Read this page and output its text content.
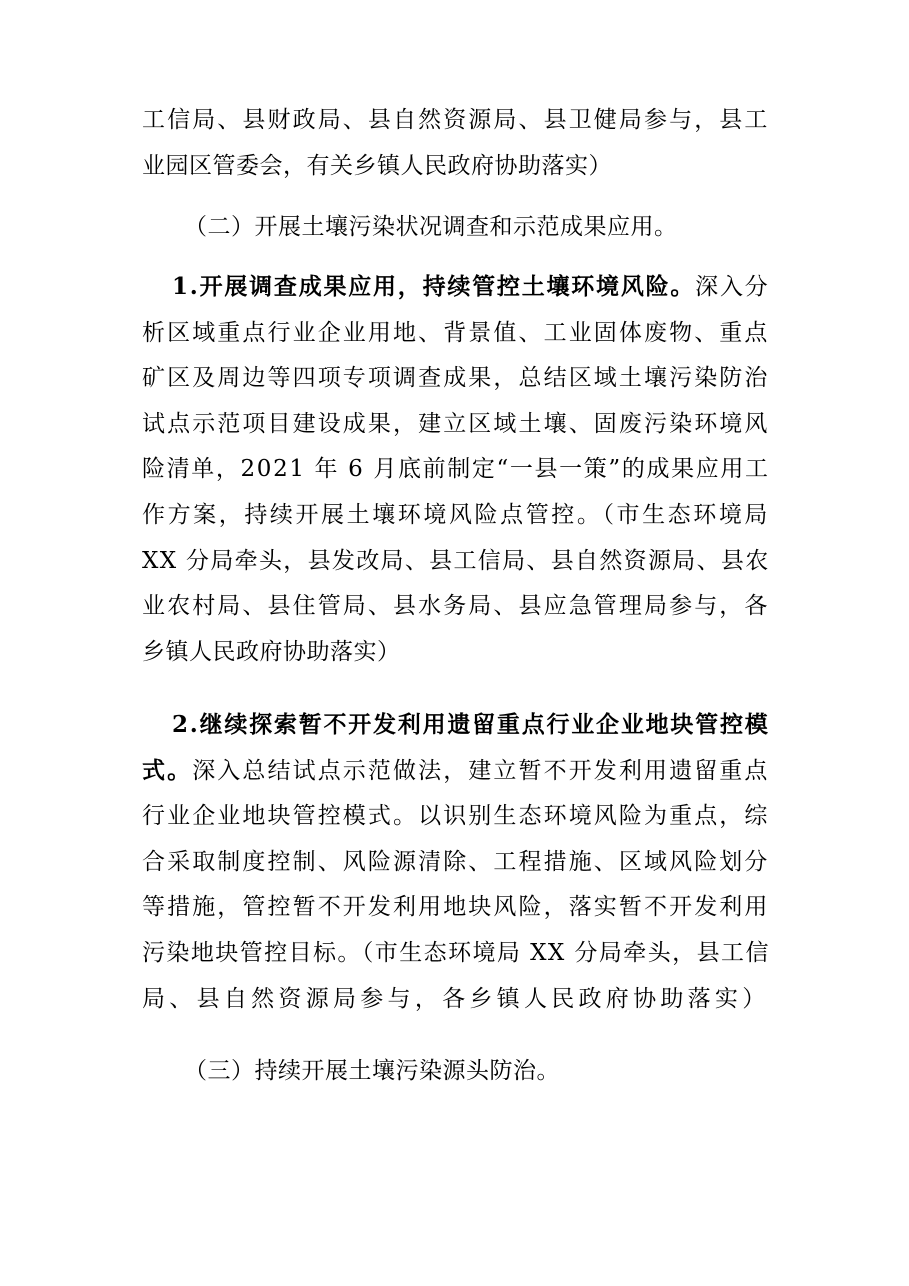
工信局、县财政局、县自然资源局、县卫健局参与，县工
业园区管委会，有关乡镇人民政府协助落实）
（二）开展土壤污染状况调查和示范成果应用。
1.开展调查成果应用，持续管控土壤环境风险。深入分
析区域重点行业企业用地、背景值、工业固体废物、重点
矿区及周边等四项专项调查成果，总结区域土壤污染防治
试点示范项目建设成果，建立区域土壤、固废污染环境风
险清单，2021 年 6 月底前制定“一县一策”的成果应用工
作方案，持续开展土壤环境风险点管控。（市生态环境局
XX 分局牵头，县发改局、县工信局、县自然资源局、县农
业农村局、县住管局、县水务局、县应急管理局参与，各
乡镇人民政府协助落实）
2.继续探索暂不开发利用遗留重点行业企业地块管控模
式。深入总结试点示范做法，建立暂不开发利用遗留重点
行业企业地块管控模式。以识别生态环境风险为重点，综
合采取制度控制、风险源清除、工程措施、区域风险划分
等措施，管控暂不开发利用地块风险，落实暂不开发利用
污染地块管控目标。（市生态环境局 XX 分局牵头，县工信
局、县自然资源局参与，各乡镇人民政府协助落实）
（三）持续开展土壤污染源头防治。
